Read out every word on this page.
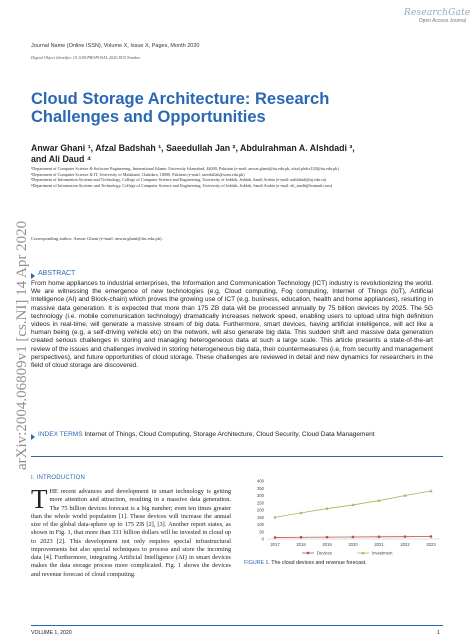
ResearchGate
Open Access Journal
Journal Name (Online ISSN), Volume X, Issue X, Pages, Month 2020
Digital Object Identifier 10.1109/PROPOSAL.2020.DOI Number
Cloud Storage Architecture: Research Challenges and Opportunities
Anwar Ghani ¹, Afzal Badshah ¹, Saeedullah Jan ², Abdulrahman A. Alshdadi ³, and Ali Daud ⁴
¹Department of Computer Science & Software Engineering, International Islamic University Islamabad, 44000, Pakistan (e-mail: anwar.ghani@iiu.edu.pk, afzal.phdcs120@iiu.edu.pk)
²Department of Computer Science & IT, University of Malakand, Chakdara, 18000, Pakistan (e-mail: saeedullah@uom.edu.pk)
³Department of Information Systems and Technology, College of Computer Science and Engineering, University of Jeddah, Jeddah, Saudi Arabia (e-mail: aalshdadi@uj.edu.sa)
⁴Department of Information Systems and Technology, College of Computer Science and Engineering, University of Jeddah, Jeddah, Saudi Arabia (e-mail: ali_msdb@hotmail.com)
Corresponding author: Anwar Ghani (e-mail: anwar.ghani@iiu.edu.pk).
arXiv:2004.06809v1 [cs.NI] 14 Apr 2020 ABSTRACT
From home appliances to industrial enterprises, the Information and Communication Technology (ICT) industry is revolutionizing the world. We are witnessing the emergence of new technologies (e.g, Cloud computing, Fog computing, Internet of Things (IoT), Artificial Intelligence (AI) and Block-chain) which proves the growing use of ICT (e.g. business, education, health and home appliances), resulting in massive data generation. It is expected that more than 175 ZB data will be processed annually by 75 billion devices by 2025. The 5G technology (i.e. mobile communication technology) dramatically increases network speed, enabling users to upload ultra high definition videos in real-time, will generate a massive stream of big data. Furthermore, smart devices, having artificial intelligence, will act like a human being (e.g, a self-driving vehicle etc) on the network, will also generate big data. This sudden shift and massive data generation created serious challenges in storing and managing heterogeneous data at such a large scale. This article presents a state-of-the-art review of the issues and challenges involved in storing heterogeneous big data, their countermeasures (i.e, from security and management perspectives), and future opportunities of cloud storage. These challenges are reviewed in detail and new dynamics for researchers in the field of cloud storage are discovered.
INDEX TERMS Internet of Things, Cloud Computing, Storage Architecture, Cloud Security, Cloud Data Management
I. INTRODUCTION
THE recent advances and development in smart technology is getting more attention and attraction, resulting in a massive data generation. The 75 billion devices forecast is a big number; even ten times greater than the whole world population [1]. These devices will increase the annual size of the global data-sphere up to 175 ZB [2], [3]. Another report states, as shown in Fig. 1, that more than 331 billion dollars will be invested in cloud up to 2023 [2]. This development not only requires special infrastructural improvements but also special techniques to process and store the incoming data [4]. Furthermore, integrating Artificial Intelligence (AI) in smart devices makes the data storage process more complicated. Fig. 1 shows the devices and revenue forecast of cloud computing.
0
50
100
150
200
250
300
350
400
2017	2018	2019	2020	2021	2022	2023
Devices	Investment
FIGURE 1. The cloud devices and revenue forecast.
VOLUME 1, 2020	1
